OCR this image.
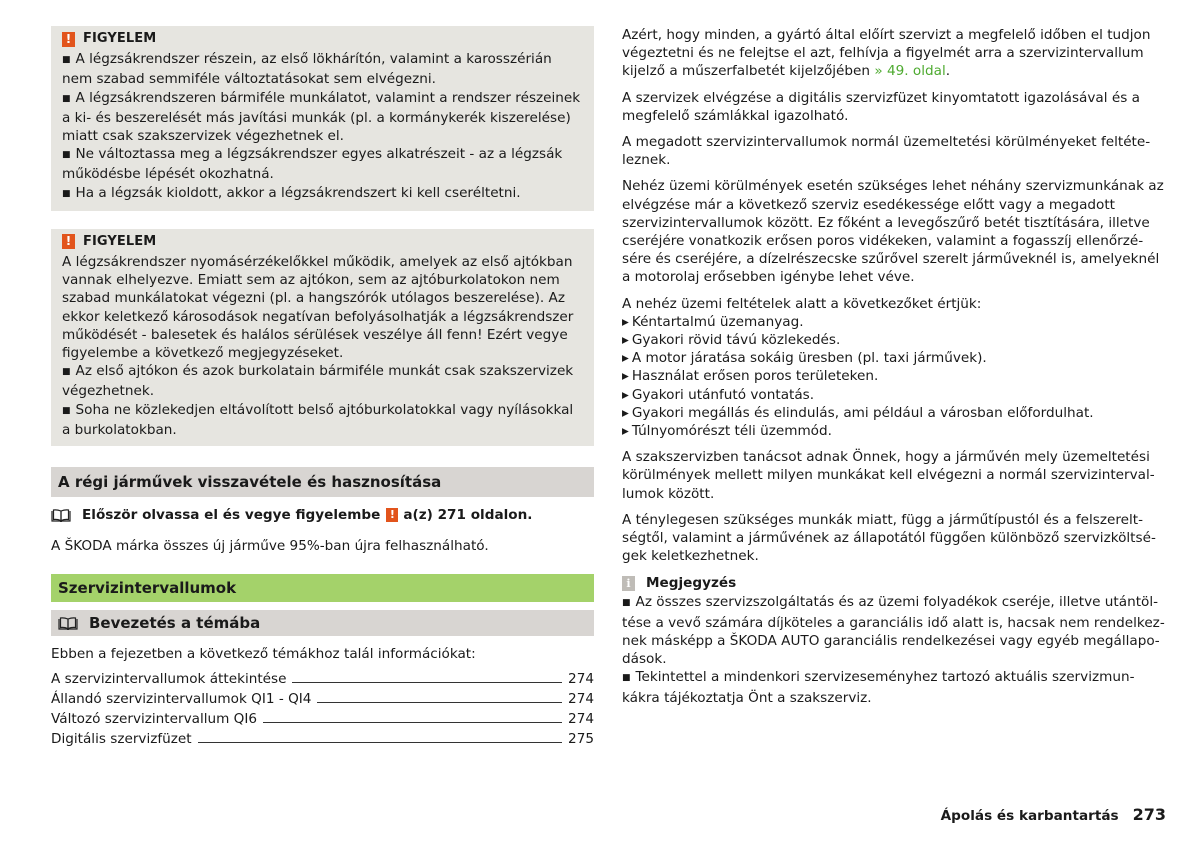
! FIGYELEM

■ A légzsákrendszer részein, az első lökhárítón, valamint a karosszérián nem szabad semmiféle változtatásokat sem elvégezni.

■ A légzsákrendszeren bármiféle munkálatot, valamint a rendszer részeinek a ki- és beszerelését más javítási munkák (pl. a kormánykerék kiszerelése) miatt csak szakszervizek végezhetnek el.

■ Ne változtassa meg a légzsákrendszer egyes alkatrészeit - az a légzsák működésbe lépését okozhatná.

■ Ha a légzsák kioldott, akkor a légzsákrendszert ki kell cseréltetni.

! FIGYELEM

A légzsákrendszer nyomásérzékelőkkel működik, amelyek az első ajtókban vannak elhelyezve. Emiatt sem az ajtókon, sem az ajtóburkolatokon nem szabad munkálatokat végezni (pl. a hangszórók utólagos beszerelése). Az ekkor keletkező károsodások negatívan befolyásolhatják a légzsákrendszer működését - balesetek és halálos sérülések veszélye áll fenn! Ezért vegye figyelembe a következő megjegyzéseket.

■ Az első ajtókon és azok burkolatain bármiféle munkát csak szakszervizek végezhetnek.

■ Soha ne közlekedjen eltávolított belső ajtóburkolatokkal vagy nyílásokkal a burkolatokban.

A régi járművek visszavétele és hasznosítása
Először olvassa el és vegye figyelembe ! a(z) 271 oldalon.

A ŠKODA márka összes új járműve 95%-ban újra felhasználható.

Szervizintervallumok
Bevezetés a témába

Ebben a fejezetben a következő témákhoz talál információkat:

A szervizintervallumok áttekintése	274
Állandó szervizintervallumok QI1 - QI4	274
Változó szervizintervallum QI6	274
Digitális szervizfüzet	275

Azért, hogy minden, a gyártó által előírt szervizt a megfelelő időben el tudjon végeztetni és ne felejtse el azt, felhívja a figyelmét arra a szervizintervallum kijelző a műszerfalbetét kijelzőjében » 49. oldal.

A szervizek elvégzése a digitális szervizfüzet kinyomtatott igazolásával és a megfelelő számlákkal igazolható.

A megadott szervizintervallumok normál üzemeltetési körülményeket feltételeznek.

Nehéz üzemi körülmények esetén szükséges lehet néhány szervizmunkának az elvégzése már a következő szerviz esedékessége előtt vagy a megadott szervizintervallumok között. Ez főként a levegőszűrő betét tisztítására, illetve cseréjére vonatkozik erősen poros vidékeken, valamint a fogasszíj ellenőrzésére és cseréjére, a dízelrészecske szűrővel szerelt járműveknél is, amelyeknél a motorolaj erősebben igénybe lehet véve.

A nehéz üzemi feltételek alatt a következőket értjük:
▸ Kéntartalmú üzemanyag.
▸ Gyakori rövid távú közlekedés.
▸ A motor járatása sokáig üresben (pl. taxi járművek).
▸ Használat erősen poros területeken.
▸ Gyakori utánfutó vontatás.
▸ Gyakori megállás és elindulás, ami például a városban előfordulhat.
▸ Túlnyomórészt téli üzemmód.

A szakszervizben tanácsot adnak Önnek, hogy a járművén mely üzemeltetési körülmények mellett milyen munkákat kell elvégezni a normál szervizintervallumok között.

A ténylegesen szükséges munkák miatt, függ a járműtípustól és a felszereltségtől, valamint a járművének az állapotától függően különböző szervizköltségek keletkezhetnek.

i	Megjegyzés
■ Az összes szervizszolgáltatás és az üzemi folyadékok cseréje, illetve utántöltése a vevő számára díjköteles a garanciális idő alatt is, hacsak nem rendelkeznek másképp a ŠKODA AUTO garanciális rendelkezései vagy egyéb megállapodások.
■ Tekintettel a mindenkori szervizeseményhez tartozó aktuális szervizmunkákra tájékoztatja Önt a szakszerviz.
Ápolás és karbantartás 273
